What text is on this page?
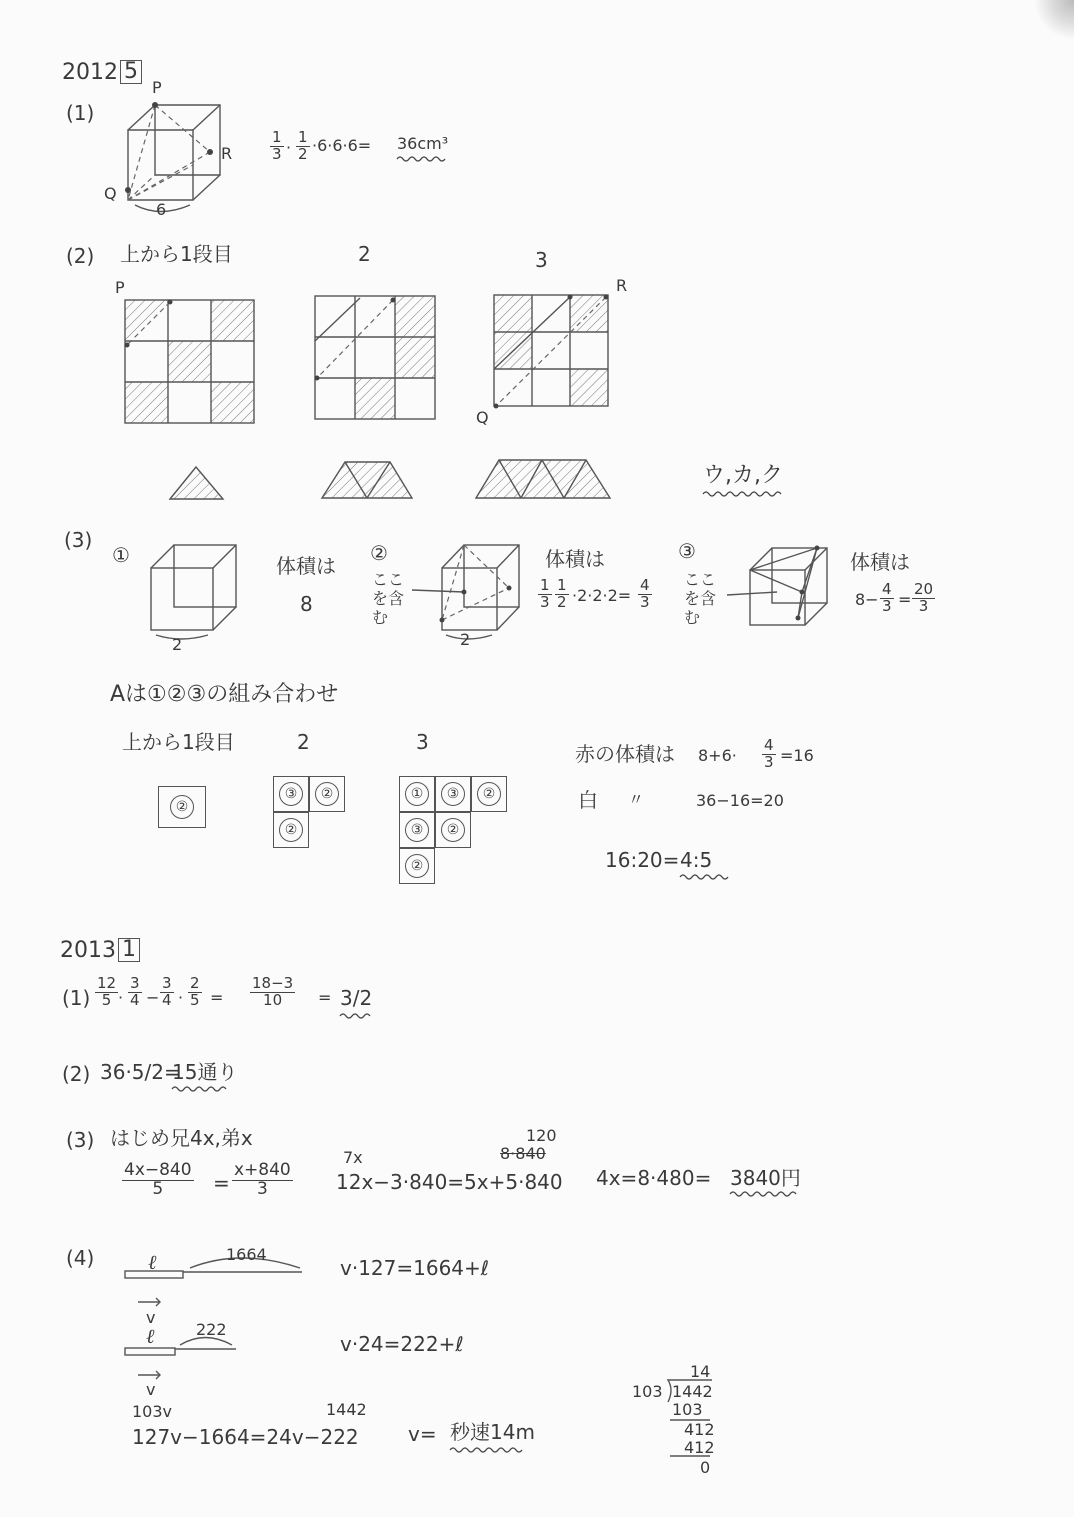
2012 5
(1)
P
R
Q
6
$\frac{1}{3} \cdot \frac{1}{2} \cdot 6\cdot 6\cdot 6= 36cm^3$
(2) 上から1段目	2	3
P	R
Q
ウ,カ,ク
(3)
①
2
体積は
8
②
ここを含む
2
体積は
$\frac{1}{3} \frac{1}{2} \cdot 2\cdot 2\cdot 2= \frac{4}{3}$
③
ここを含む
体積は
$8- \frac{4}{3} = \frac{20}{3}$
Aは①②③の組み合わせ
上から1段目	2	3
②
③	②
②
①	③	②
③	②
②
赤の体積は $8+6\cdot \frac{4}{3} =16$
白 〃	36−16=20
16:20= 4:5
2013 1
$(1) \frac{12}{5} \cdot \frac{3}{4} - \frac{3}{4} \cdot \frac{2}{5} = \frac{18-3}{10} = 3/2$
(2) 36·5/2=
15通り
(3) はじめ兄4x,弟x
$\frac{4x-840}{5} = \frac{x+840}{3}$
7x
120
8·840
12x−3·840=5x+5·840 4x=8·480= 3840円
(4)	ℓ	1664
v
ℓ	222
v
v·127=1664+ℓ
v·24=222+ℓ
103v	1442
127v−1664=24v−222 v= 秒速14m
14
103 1442
103
412
412
0
